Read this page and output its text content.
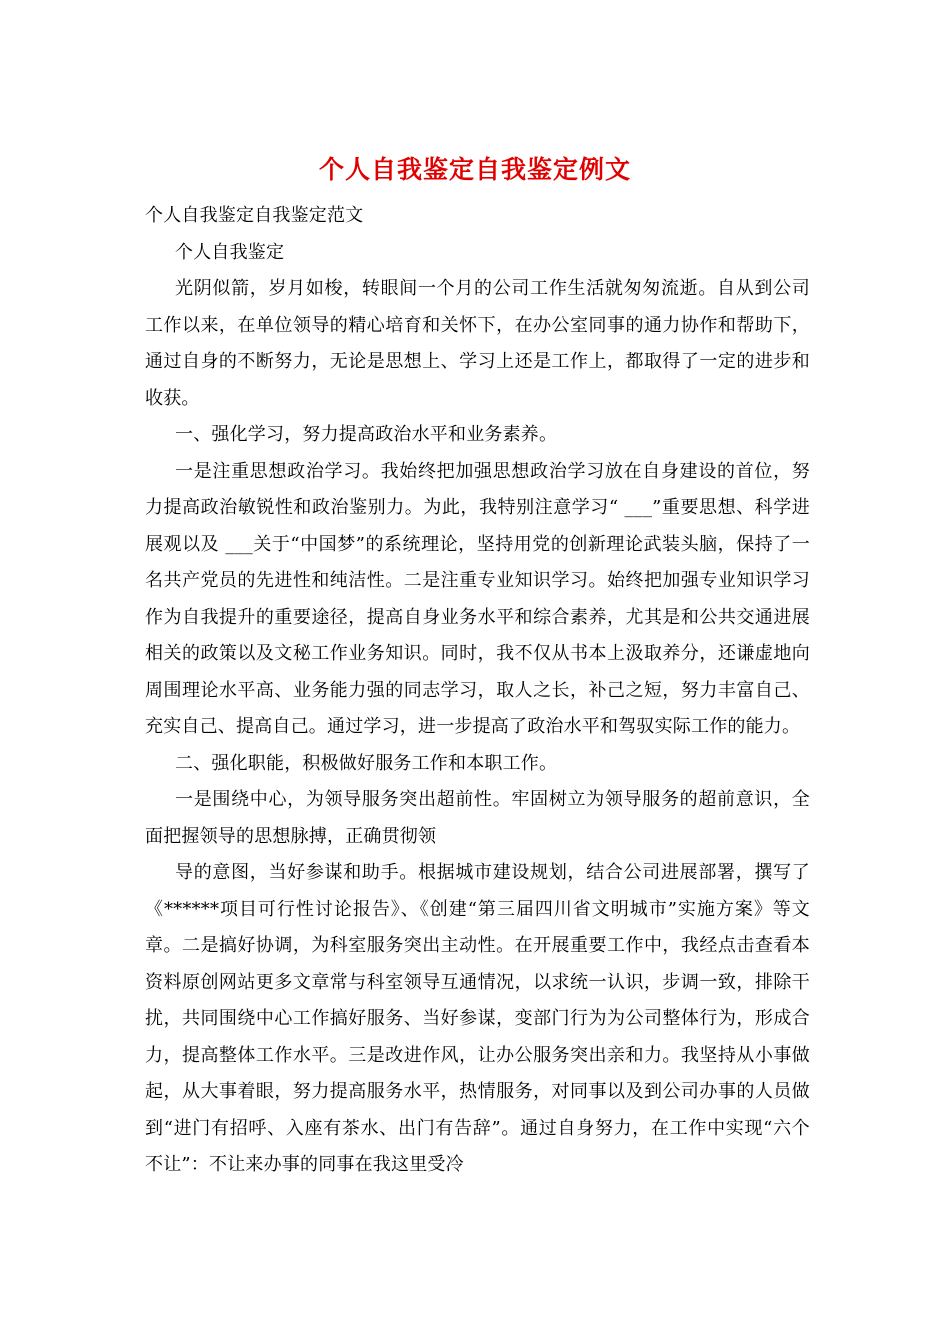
个人自我鉴定自我鉴定例文

个人自我鉴定自我鉴定范文

个人自我鉴定

光阴似箭，岁月如梭，转眼间一个月的公司工作生活就匆匆流逝。自从到公司工作以来，在单位领导的精心培育和关怀下，在办公室同事的通力协作和帮助下，通过自身的不断努力，无论是思想上、学习上还是工作上，都取得了一定的进步和收获。

一、强化学习，努力提高政治水平和业务素养。

一是注重思想政治学习。我始终把加强思想政治学习放在自身建设的首位，努力提高政治敏锐性和政治鉴别力。为此，我特别注意学习“ ___”重要思想、科学进展观以及 ___关于“中国梦”的系统理论，坚持用党的创新理论武装头脑，保持了一名共产党员的先进性和纯洁性。二是注重专业知识学习。始终把加强专业知识学习作为自我提升的重要途径，提高自身业务水平和综合素养，尤其是和公共交通进展相关的政策以及文秘工作业务知识。同时，我不仅从书本上汲取养分，还谦虚地向周围理论水平高、业务能力强的同志学习，取人之长，补己之短，努力丰富自己、充实自己、提高自己。通过学习，进一步提高了政治水平和驾驭实际工作的能力。

二、强化职能，积极做好服务工作和本职工作。

一是围绕中心，为领导服务突出超前性。牢固树立为领导服务的超前意识，全面把握领导的思想脉搏，正确贯彻领

导的意图，当好参谋和助手。根据城市建设规划，结合公司进展部署，撰写了《******项目可行性讨论报告》、《创建“第三届四川省文明城市”实施方案》等文章。二是搞好协调，为科室服务突出主动性。在开展重要工作中，我经点击查看本资料原创网站更多文章常与科室领导互通情况，以求统一认识，步调一致，排除干扰，共同围绕中心工作搞好服务、当好参谋，变部门行为为公司整体行为，形成合力，提高整体工作水平。三是改进作风，让办公服务突出亲和力。我坚持从小事做起，从大事着眼，努力提高服务水平，热情服务，对同事以及到公司办事的人员做到“进门有招呼、入座有茶水、出门有告辞”。通过自身努力，在工作中实现“六个不让”：不让来办事的同事在我这里受冷
